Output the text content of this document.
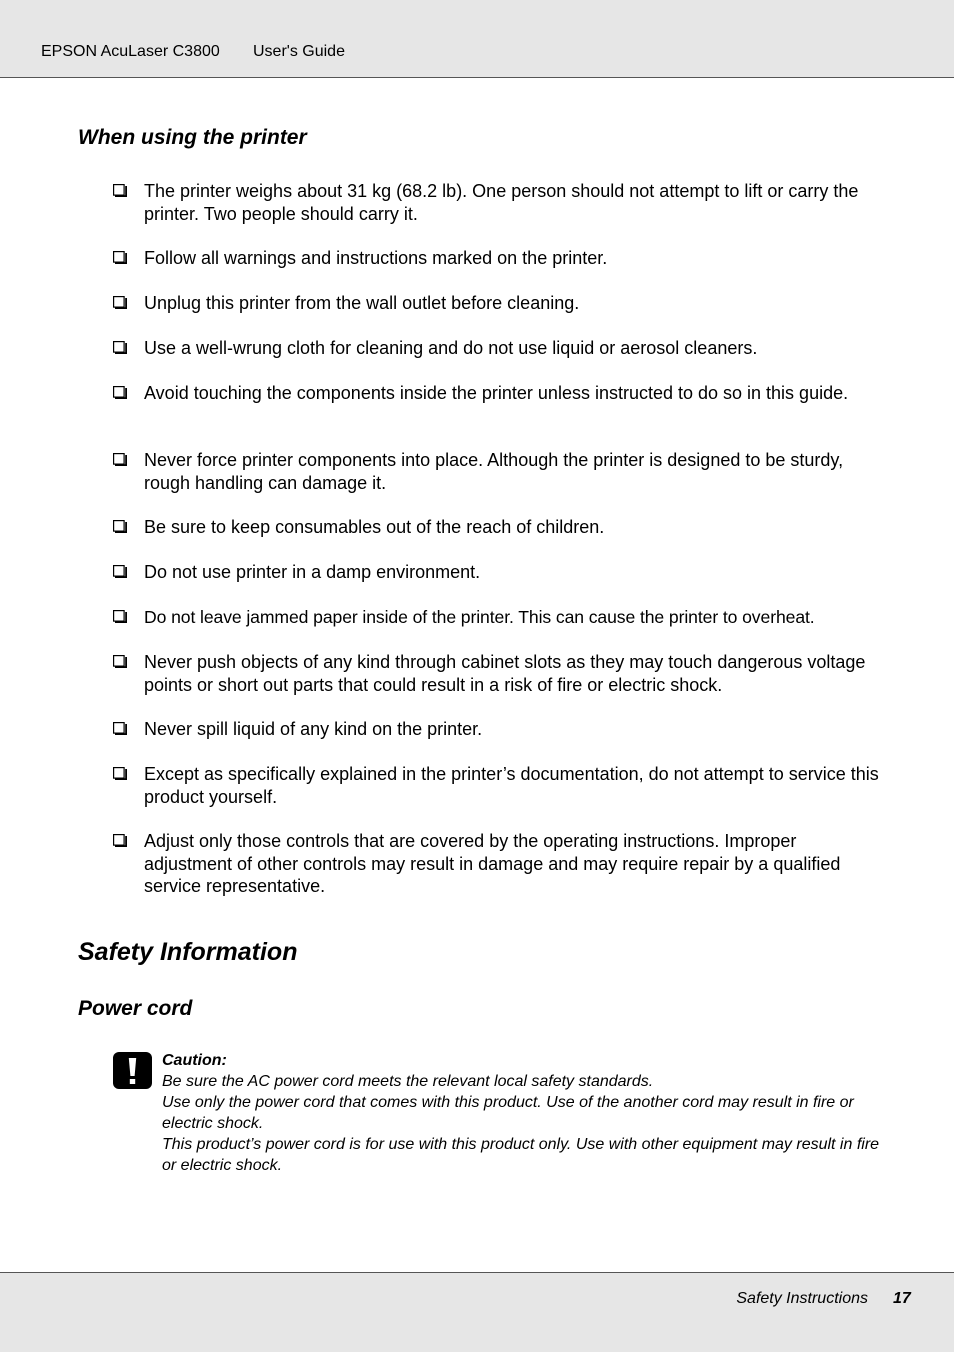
EPSON AcuLaser C3800 User's Guide
When using the printer
The printer weighs about 31 kg (68.2 lb). One person should not attempt to lift or carry the printer. Two people should carry it.
Follow all warnings and instructions marked on the printer.
Unplug this printer from the wall outlet before cleaning.
Use a well-wrung cloth for cleaning and do not use liquid or aerosol cleaners.
Avoid touching the components inside the printer unless instructed to do so in this guide.
Never force printer components into place. Although the printer is designed to be sturdy, rough handling can damage it.
Be sure to keep consumables out of the reach of children.
Do not use printer in a damp environment.
Do not leave jammed paper inside of the printer. This can cause the printer to overheat.
Never push objects of any kind through cabinet slots as they may touch dangerous voltage points or short out parts that could result in a risk of fire or electric shock.
Never spill liquid of any kind on the printer.
Except as specifically explained in the printer’s documentation, do not attempt to service this product yourself.
Adjust only those controls that are covered by the operating instructions. Improper adjustment of other controls may result in damage and may require repair by a qualified service representative.
Safety Information
Power cord
Caution:
Be sure the AC power cord meets the relevant local safety standards.
Use only the power cord that comes with this product. Use of the another cord may result in fire or electric shock.
This product’s power cord is for use with this product only. Use with other equipment may result in fire or electric shock.
Safety Instructions 17
